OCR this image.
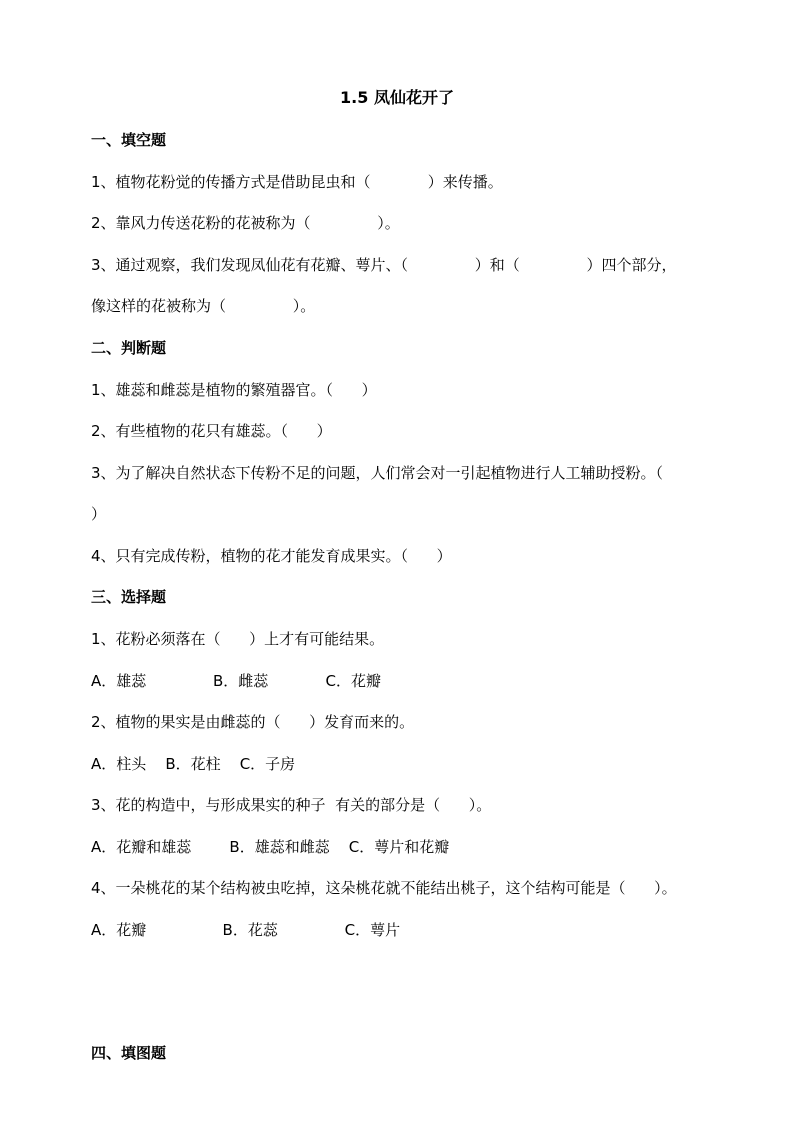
1.5 凤仙花开了
一、填空题
1、植物花粉觉的传播方式是借助昆虫和（            ）来传播。
2、靠风力传送花粉的花被称为（              ）。
3、通过观察，我们发现凤仙花有花瓣、萼片、（              ）和（              ）四个部分，
像这样的花被称为（              ）。
二、判断题
1、雄蕊和雌蕊是植物的繁殖器官。（      ）
2、有些植物的花只有雄蕊。（      ）
3、为了解决自然状态下传粉不足的问题，人们常会对一引起植物进行人工辅助授粉。（
）
4、只有完成传粉，植物的花才能发育成果实。（      ）
三、选择题
1、花粉必须落在（      ）上才有可能结果。
A．雄蕊              B．雌蕊            C．花瓣
2、植物的果实是由雌蕊的（      ）发育而来的。
A．柱头    B．花柱    C．子房
3、花的构造中，与形成果实的种子  有关的部分是（      ）。
A．花瓣和雄蕊        B．雄蕊和雌蕊    C．萼片和花瓣
4、一朵桃花的某个结构被虫吃掉，这朵桃花就不能结出桃子，这个结构可能是（      ）。
A．花瓣                B．花蕊              C．萼片
四、填图题
